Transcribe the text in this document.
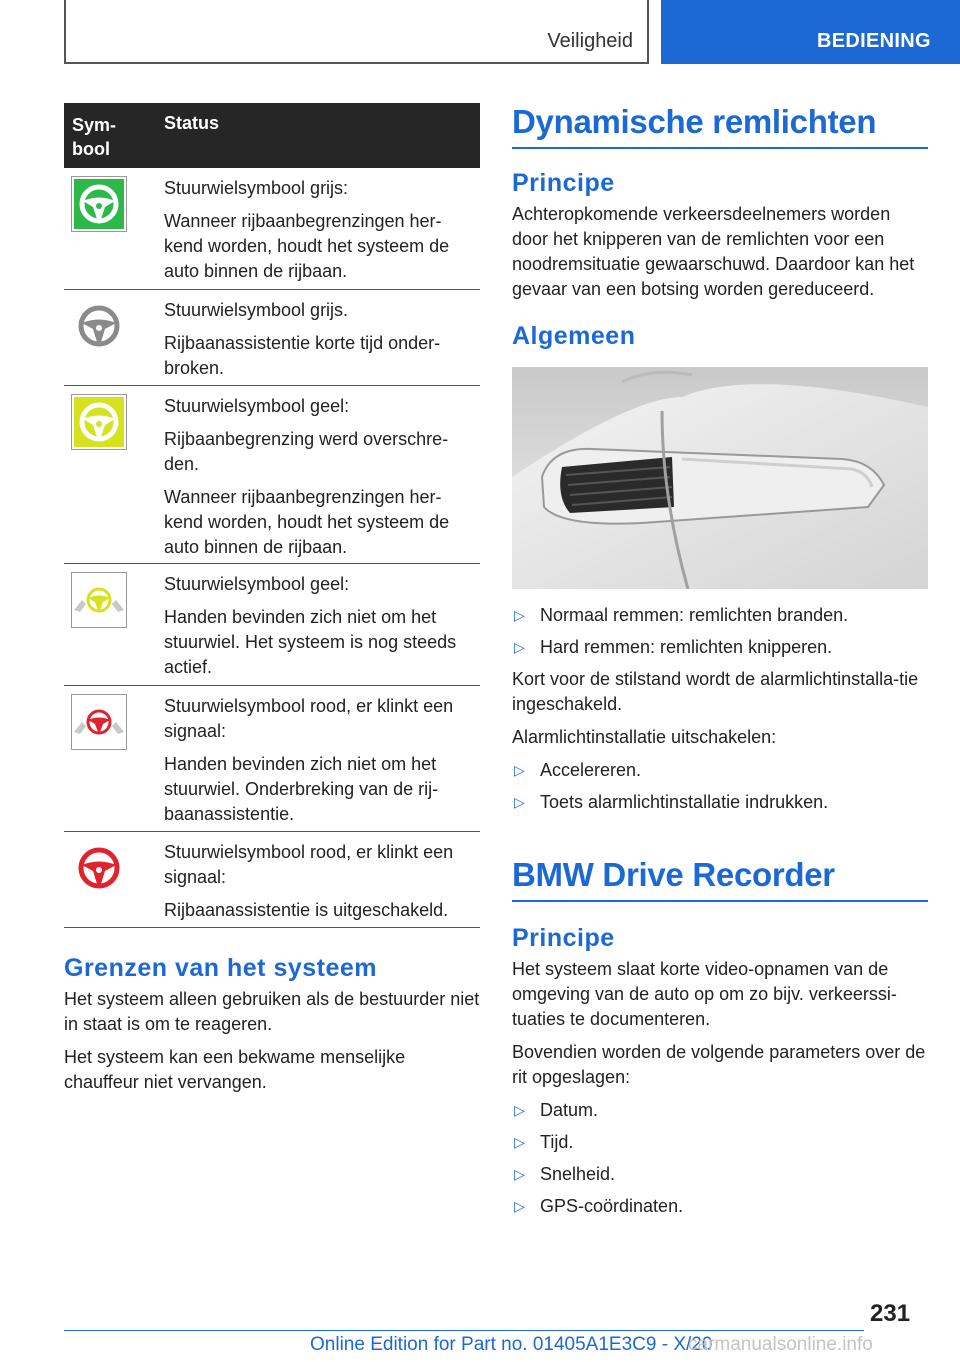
Veiligheid	BEDIENING
Sym-
bool
Status

Stuurwielsymbool grijs:

Wanneer rijbaanbegrenzingen her-kend worden, houdt het systeem de auto binnen de rijbaan.

Stuurwielsymbool grijs.

Rijbaanassistentie korte tijd onder-broken.

Stuurwielsymbool geel:

Rijbaanbegrenzing werd overschre-den.

Wanneer rijbaanbegrenzingen her-kend worden, houdt het systeem de auto binnen de rijbaan.

Stuurwielsymbool geel:

Handen bevinden zich niet om het stuurwiel. Het systeem is nog steeds actief.

Stuurwielsymbool rood, er klinkt een signaal:

Handen bevinden zich niet om het stuurwiel. Onderbreking van de rij-baanassistentie.

Stuurwielsymbool rood, er klinkt een signaal:

Rijbaanassistentie is uitgeschakeld.

Grenzen van het systeem

Het systeem alleen gebruiken als de bestuurder niet in staat is om te reageren.

Het systeem kan een bekwame menselijke chauffeur niet vervangen.

Dynamische remlichten
Principe

Achteropkomende verkeersdeelnemers worden door het knipperen van de remlichten voor een noodremsituatie gewaarschuwd. Daardoor kan het gevaar van een botsing worden gereduceerd.

Algemeen
▷ Normaal remmen: remlichten branden.
▷ Hard remmen: remlichten knipperen.

Kort voor de stilstand wordt de alarmlichtinstalla-tie ingeschakeld.

Alarmlichtinstallatie uitschakelen:

▷ Accelereren.
▷ Toets alarmlichtinstallatie indrukken.
BMW Drive Recorder
Principe

Het systeem slaat korte video-opnamen van de omgeving van de auto op om zo bijv. verkeerssi-tuaties te documenteren.

Bovendien worden de volgende parameters over de rit opgeslagen:

▷ Datum.
▷ Tijd.
▷ Snelheid.
▷ GPS-coördinaten.
231
Online Edition for Part no. 01405A1E3C9 - X/20
carmanualsonline.info
